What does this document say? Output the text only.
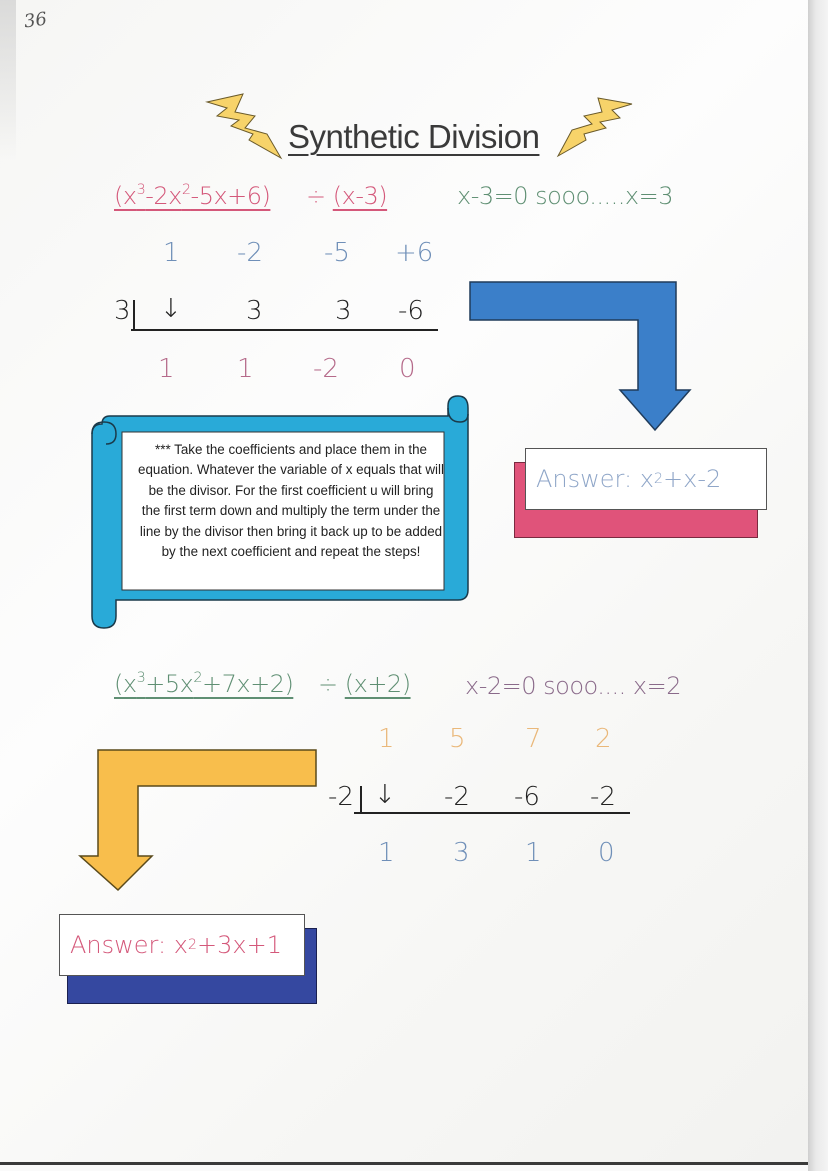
36
Synthetic Division
$(x^3-2x^2-5x+6) \div (x-3)$	x-3=0 sooo.....x=3
1 -2 -5 +6
3 ↓ 3	3 -6
1 1 -2 0
Answer: x 2 +x-2
*** Take the coefficients and place them in the equation. Whatever the variable of x equals that will be the divisor. For the first coefficient u will bring the first term down and multiply the term under the line by the divisor then bring it back up to be added by the next coefficient and repeat the steps!
$(x^3+5x^2+7x+2) \div (x+2)$ x-2=0 sooo.... x=2
1 5 7 2
-2 ↓ -2 -6 -2
1 3 1 0
Answer: x 2 +3x+1
